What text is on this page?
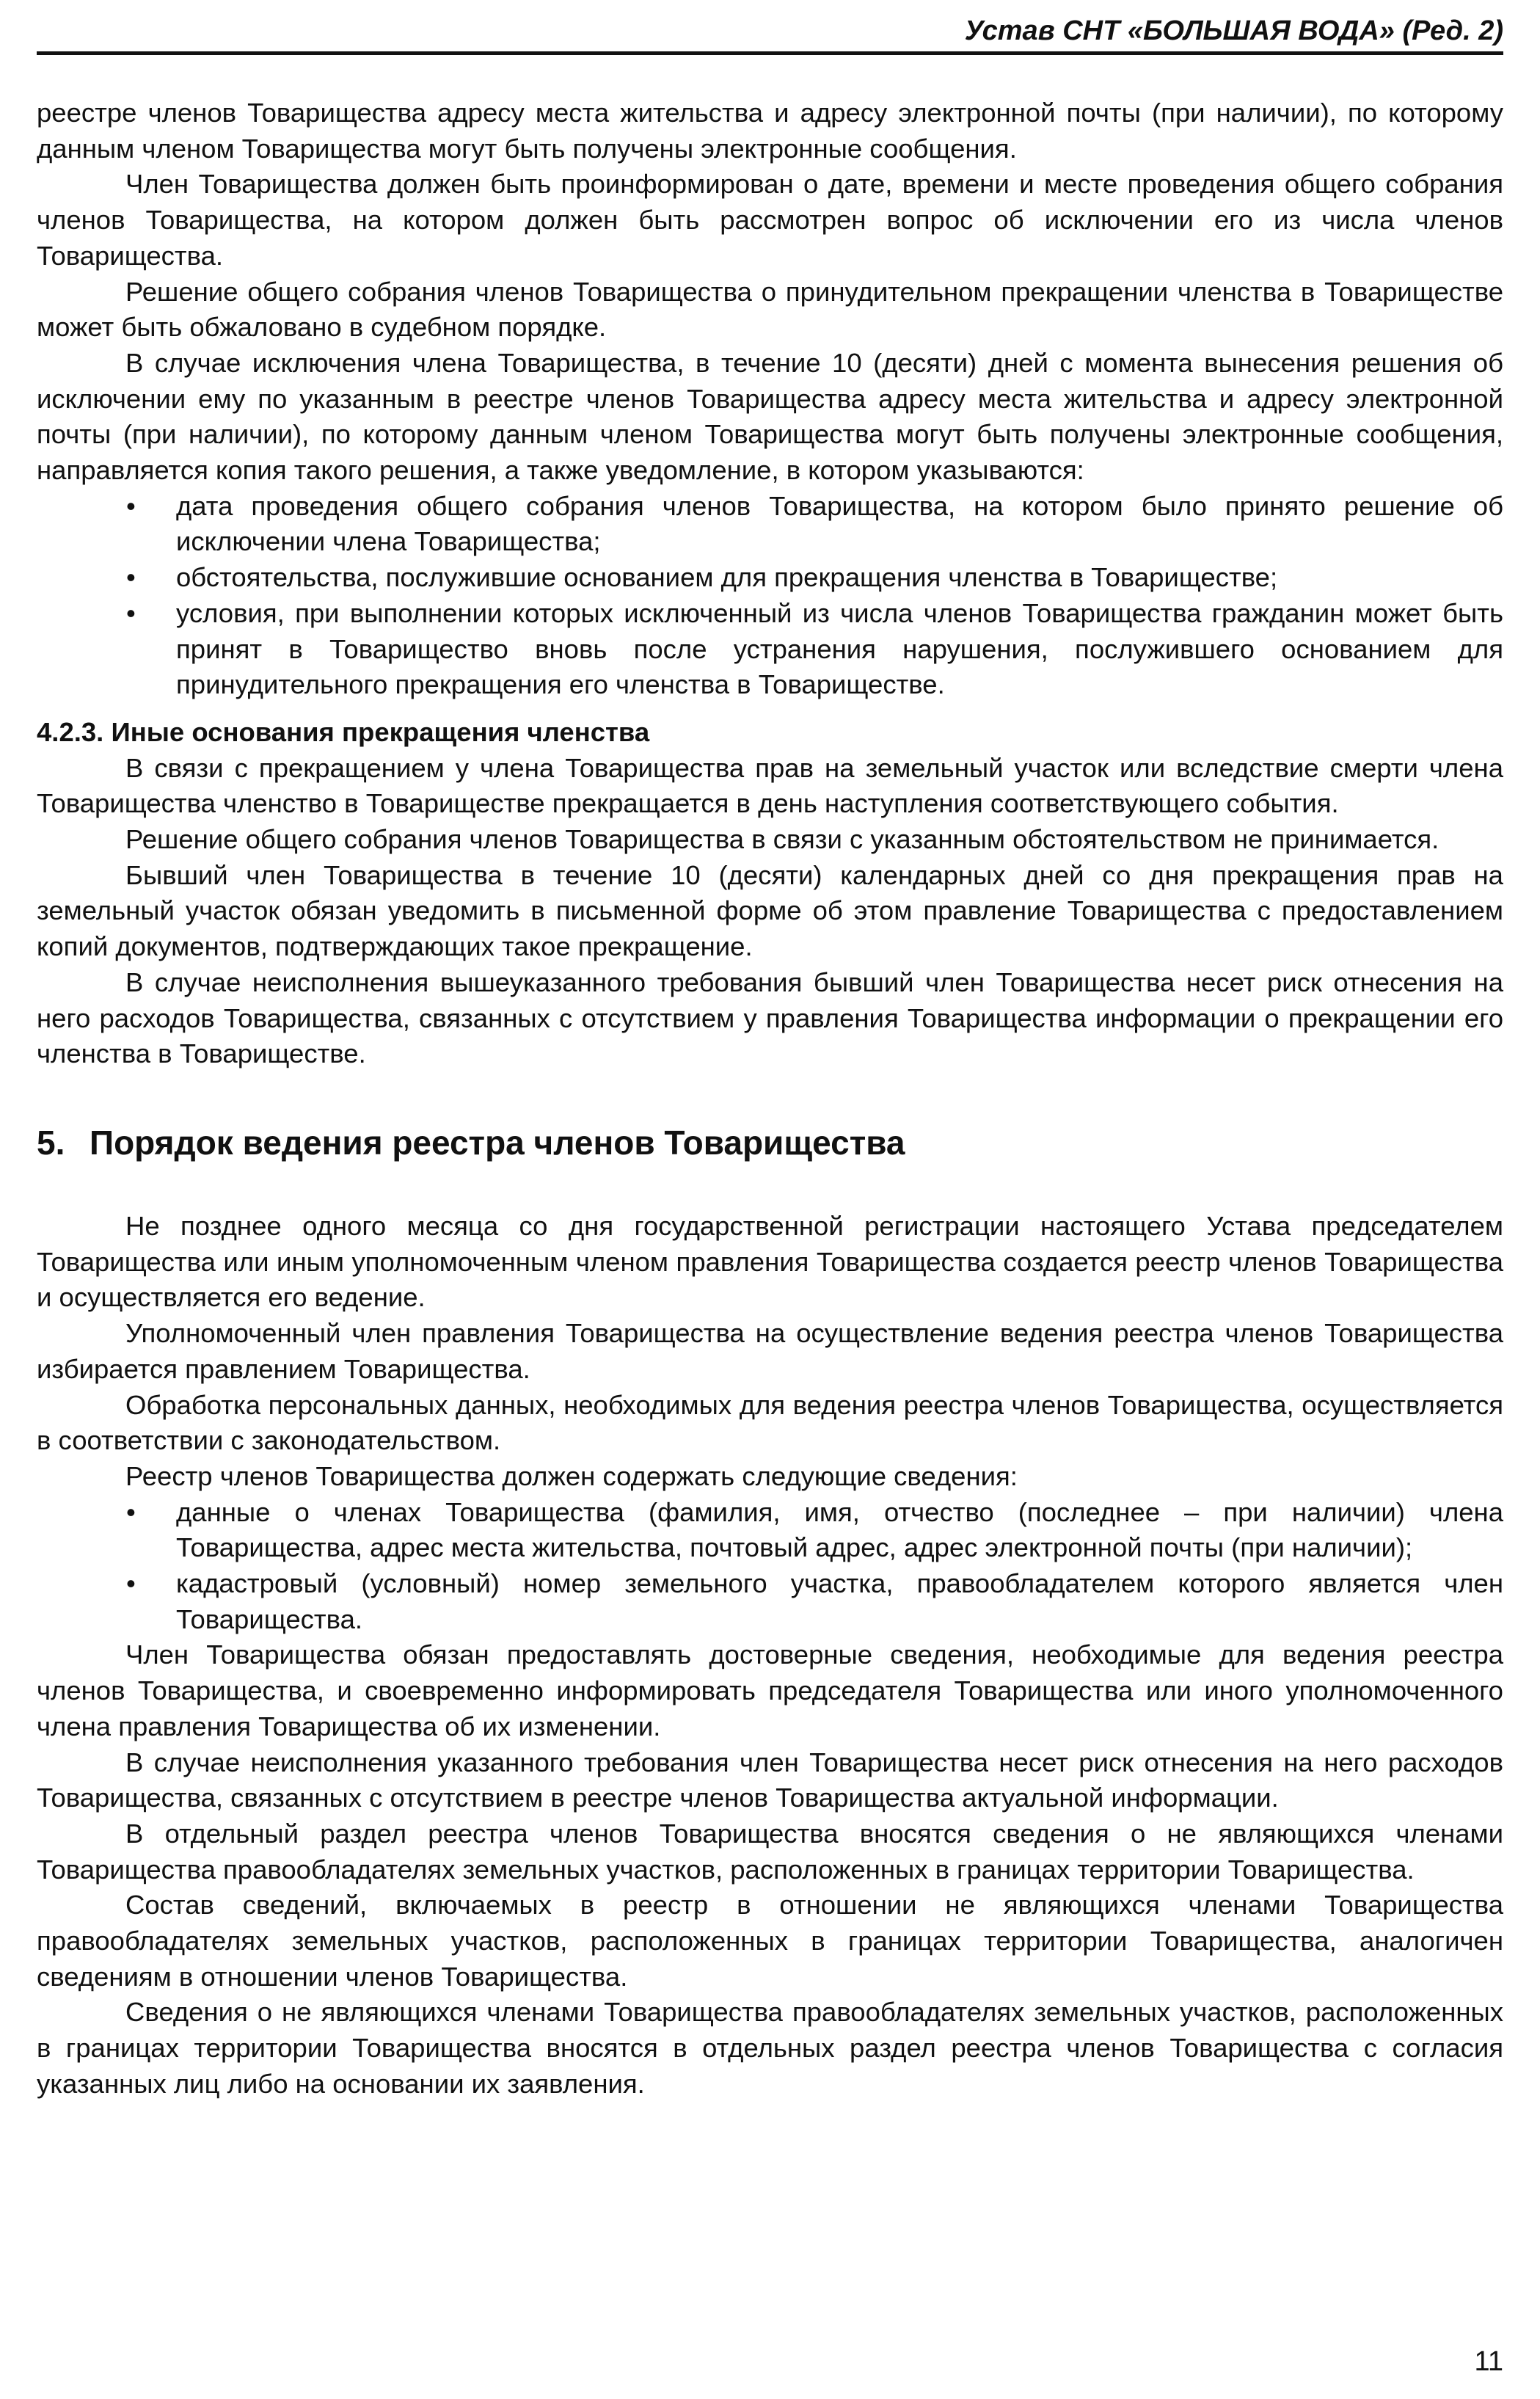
Устав СНТ «БОЛЬШАЯ ВОДА» (Ред. 2)

реестре членов Товарищества адресу места жительства и адресу электронной почты (при наличии), по которому данным членом Товарищества могут быть получены электронные сообщения.

Член Товарищества должен быть проинформирован о дате, времени и месте проведения общего собрания членов Товарищества, на котором должен быть рассмотрен вопрос об исключении его из числа членов Товарищества.

Решение общего собрания членов Товарищества о принудительном прекращении членства в Товариществе может быть обжаловано в судебном порядке.

В случае исключения члена Товарищества, в течение 10 (десяти) дней с момента вынесения решения об исключении ему по указанным в реестре членов Товарищества адресу места жительства и адресу электронной почты (при наличии), по которому данным членом Товарищества могут быть получены электронные сообщения, направляется копия такого решения, а также уведомление, в котором указываются:

• дата проведения общего собрания членов Товарищества, на котором было принято решение об исключении члена Товарищества;
• обстоятельства, послужившие основанием для прекращения членства в Товариществе;
• условия, при выполнении которых исключенный из числа членов Товарищества гражданин может быть принят в Товарищество вновь после устранения нарушения, послужившего основанием для принудительного прекращения его членства в Товариществе.

4.2.3. Иные основания прекращения членства

В связи с прекращением у члена Товарищества прав на земельный участок или вследствие смерти члена Товарищества членство в Товариществе прекращается в день наступления соответствующего события.

Решение общего собрания членов Товарищества в связи с указанным обстоятельством не принимается.

Бывший член Товарищества в течение 10 (десяти) календарных дней со дня прекращения прав на земельный участок обязан уведомить в письменной форме об этом правление Товарищества с предоставлением копий документов, подтверждающих такое прекращение.

В случае неисполнения вышеуказанного требования бывший член Товарищества несет риск отнесения на него расходов Товарищества, связанных с отсутствием у правления Товарищества информации о прекращении его членства в Товариществе.

5. Порядок ведения реестра членов Товарищества

Не позднее одного месяца со дня государственной регистрации настоящего Устава председателем Товарищества или иным уполномоченным членом правления Товарищества создается реестр членов Товарищества и осуществляется его ведение.

Уполномоченный член правления Товарищества на осуществление ведения реестра членов Товарищества избирается правлением Товарищества.

Обработка персональных данных, необходимых для ведения реестра членов Товарищества, осуществляется в соответствии с законодательством.

Реестр членов Товарищества должен содержать следующие сведения:

• данные о членах Товарищества (фамилия, имя, отчество (последнее – при наличии) члена Товарищества, адрес места жительства, почтовый адрес, адрес электронной почты (при наличии);
• кадастровый (условный) номер земельного участка, правообладателем которого является член Товарищества.

Член Товарищества обязан предоставлять достоверные сведения, необходимые для ведения реестра членов Товарищества, и своевременно информировать председателя Товарищества или иного уполномоченного члена правления Товарищества об их изменении.

В случае неисполнения указанного требования член Товарищества несет риск отнесения на него расходов Товарищества, связанных с отсутствием в реестре членов Товарищества актуальной информации.

В отдельный раздел реестра членов Товарищества вносятся сведения о не являющихся членами Товарищества правообладателях земельных участков, расположенных в границах территории Товарищества.

Состав сведений, включаемых в реестр в отношении не являющихся членами Товарищества правообладателях земельных участков, расположенных в границах территории Товарищества, аналогичен сведениям в отношении членов Товарищества.

Сведения о не являющихся членами Товарищества правообладателях земельных участков, расположенных в границах территории Товарищества вносятся в отдельных раздел реестра членов Товарищества с согласия указанных лиц либо на основании их заявления.

11
